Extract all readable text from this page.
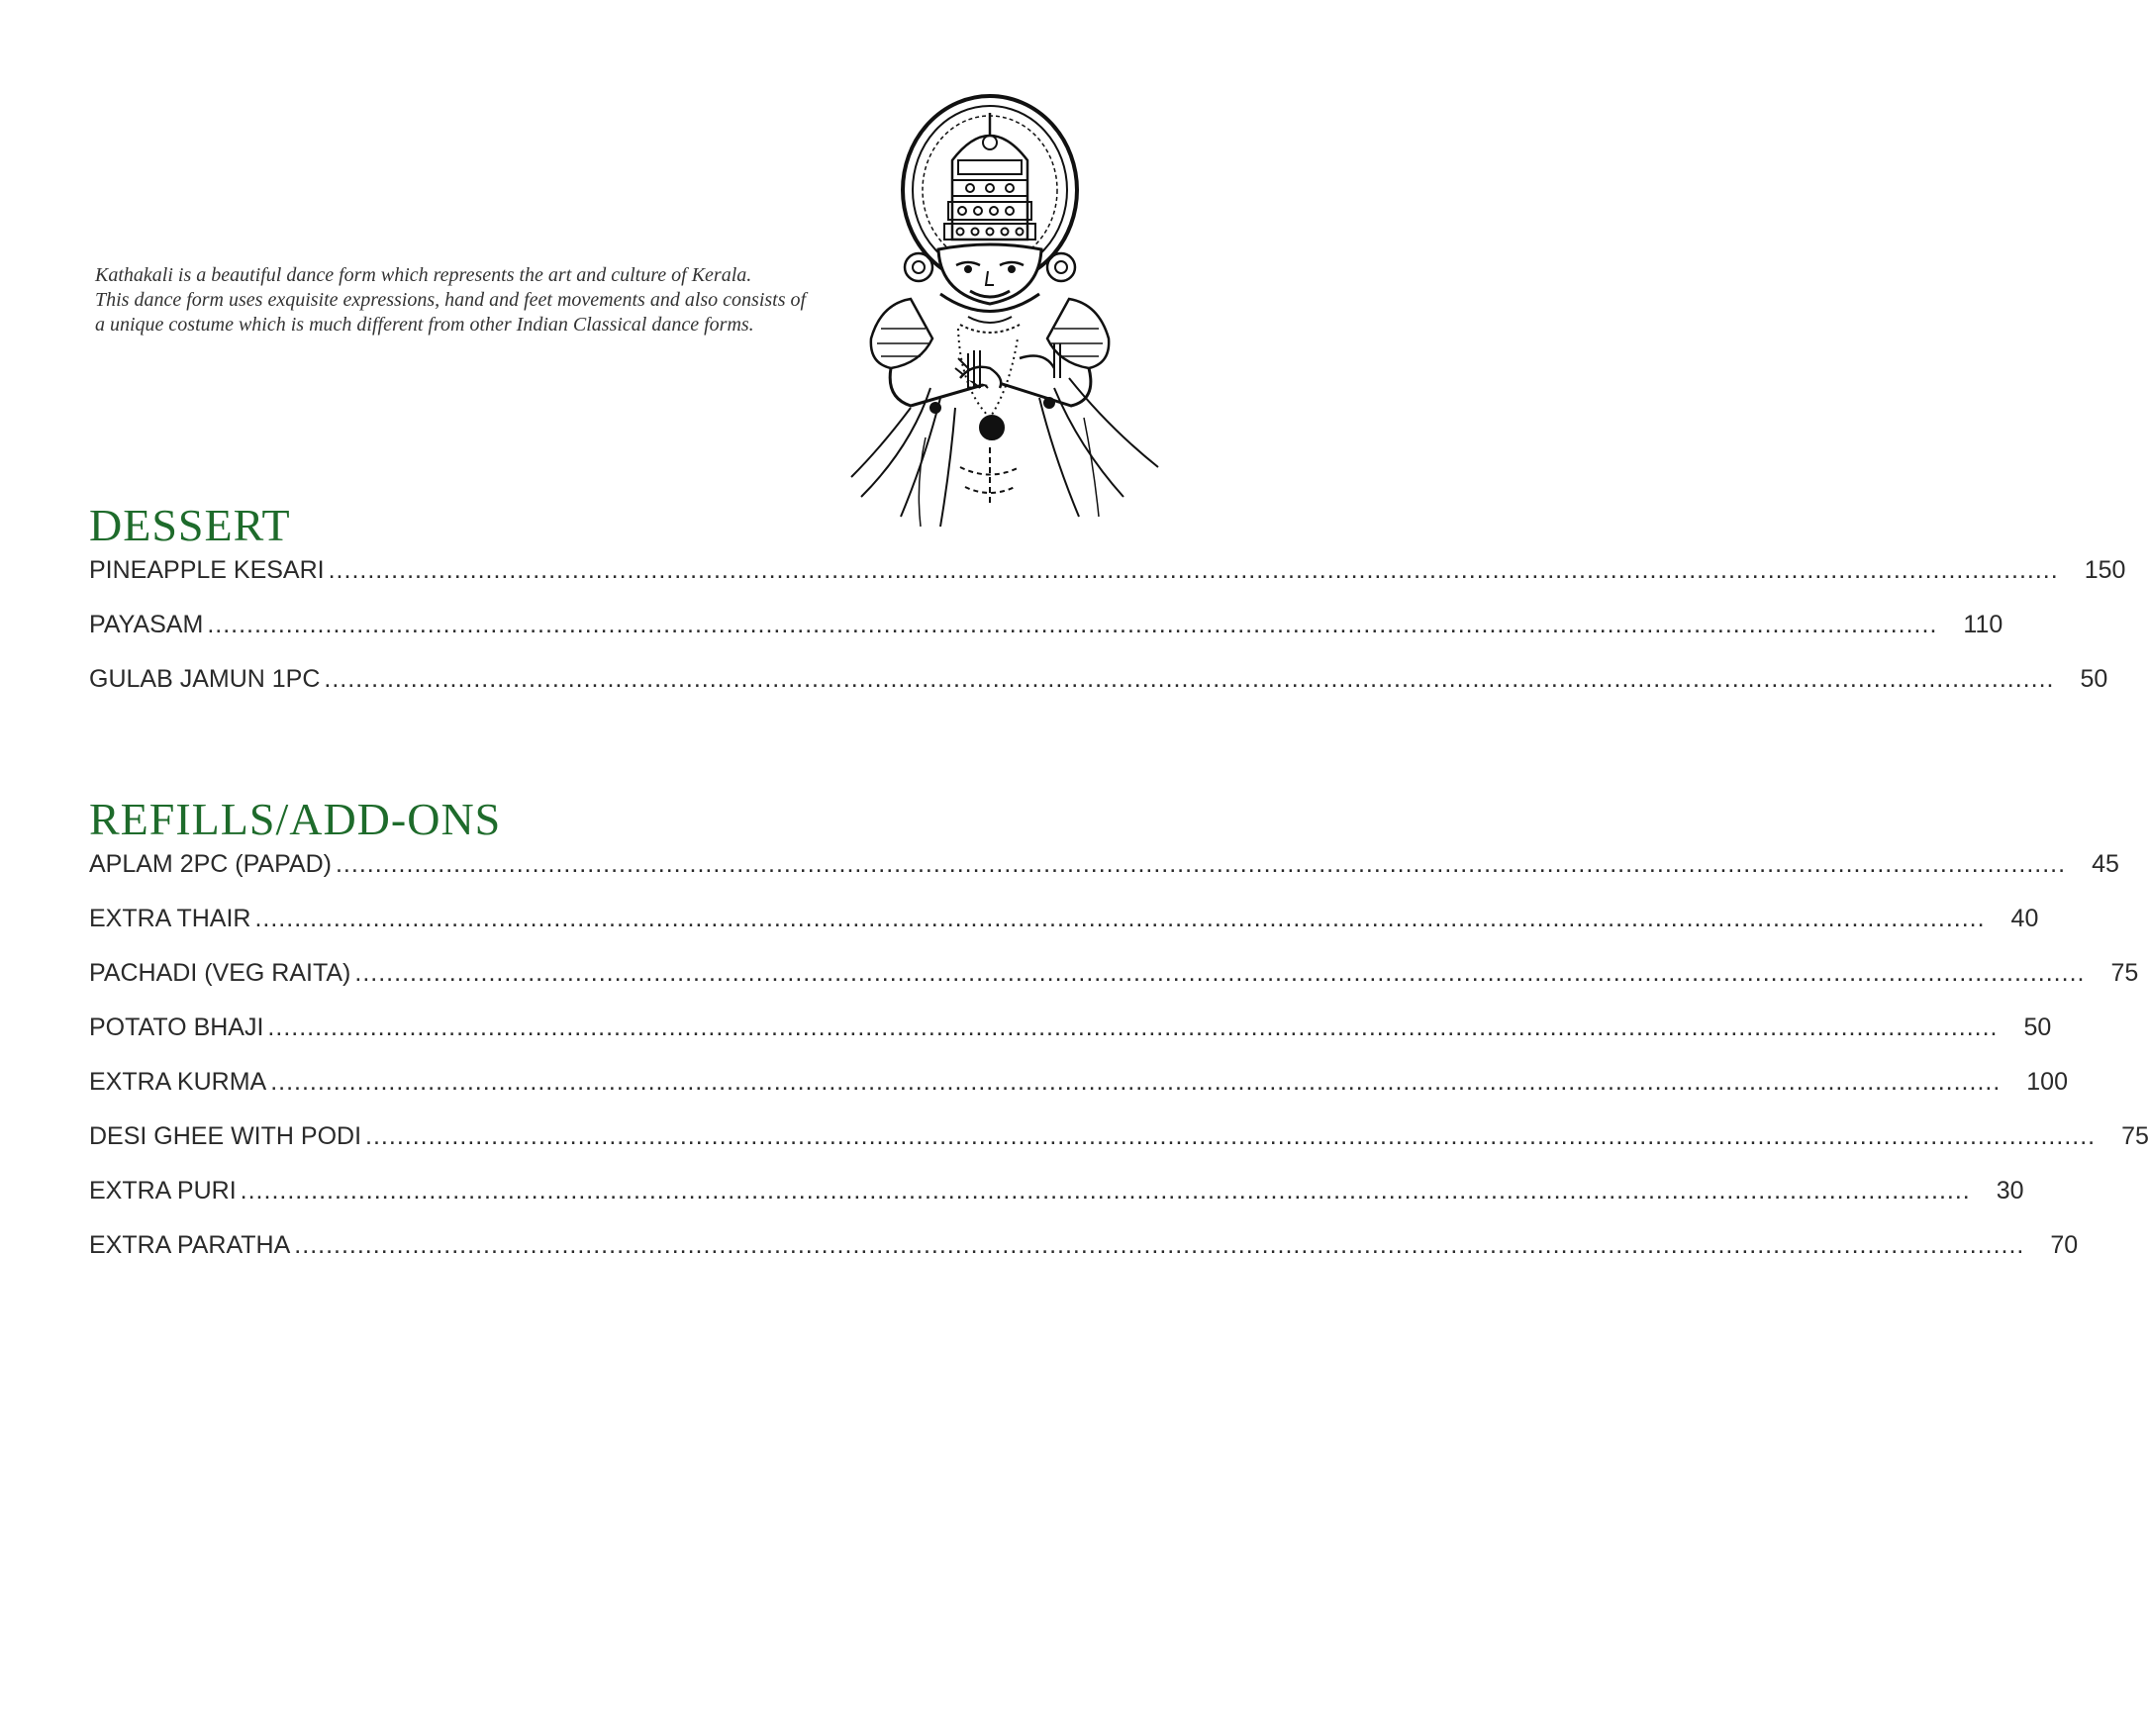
Kathakali is a beautiful dance form which represents the art and culture of Kerala.

This dance form uses exquisite expressions, hand and feet movements and also consists of

a unique costume which is much different from other Indian Classical dance forms.

DESSERT
PINEAPPLE KESARI ............................................................................................................................................................................................................................ 150
PAYASAM ............................................................................................................................................................................................................................ 110
GULAB JAMUN 1PC ............................................................................................................................................................................................................................ 50
REFILLS/ADD-ONS
APLAM 2PC (PAPAD) ............................................................................................................................................................................................................................ 45
EXTRA THAIR ............................................................................................................................................................................................................................ 40
PACHADI (VEG RAITA) ............................................................................................................................................................................................................................ 75
POTATO BHAJI ............................................................................................................................................................................................................................ 50
EXTRA KURMA ............................................................................................................................................................................................................................ 100
DESI GHEE WITH PODI ............................................................................................................................................................................................................................ 75
EXTRA PURI ............................................................................................................................................................................................................................ 30
EXTRA PARATHA ............................................................................................................................................................................................................................ 70
